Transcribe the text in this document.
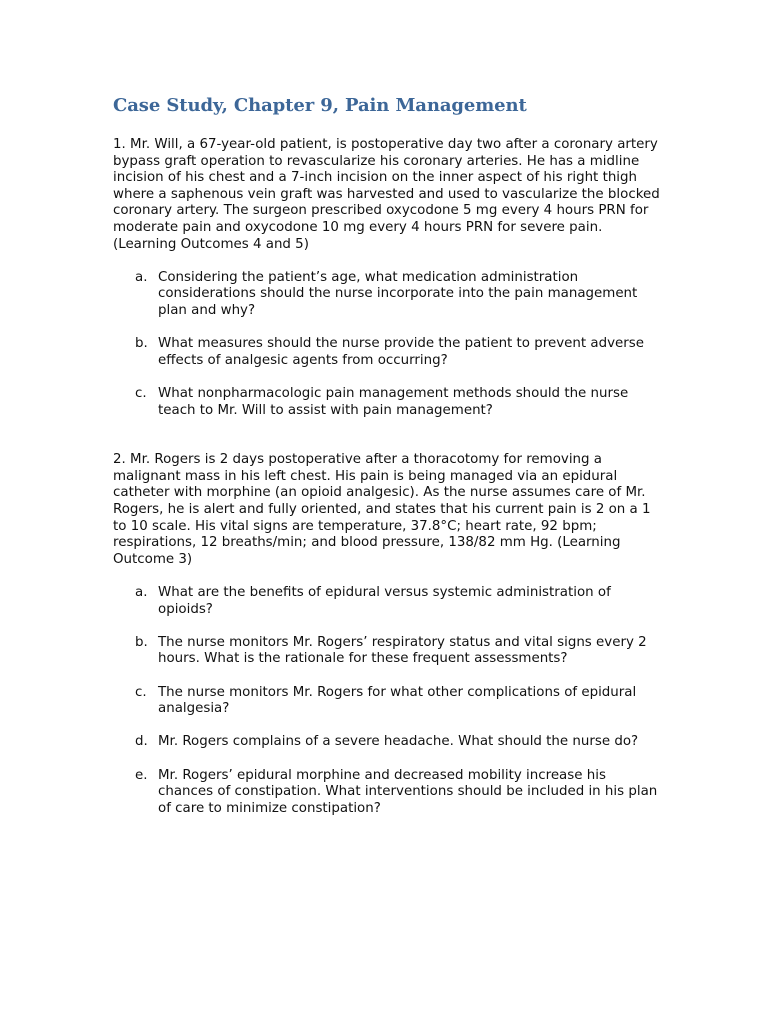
Case Study, Chapter 9, Pain Management

1. Mr. Will, a 67-year-old patient, is postoperative day two after a coronary artery bypass graft operation to revascularize his coronary arteries. He has a midline incision of his chest and a 7-inch incision on the inner aspect of his right thigh where a saphenous vein graft was harvested and used to vascularize the blocked coronary artery. The surgeon prescribed oxycodone 5 mg every 4 hours PRN for moderate pain and oxycodone 10 mg every 4 hours PRN for severe pain. (Learning Outcomes 4 and 5)

a. Considering the patient’s age, what medication administration considerations should the nurse incorporate into the pain management plan and why?
b. What measures should the nurse provide the patient to prevent adverse effects of analgesic agents from occurring?
c. What nonpharmacologic pain management methods should the nurse teach to Mr. Will to assist with pain management?

2. Mr. Rogers is 2 days postoperative after a thoracotomy for removing a malignant mass in his left chest. His pain is being managed via an epidural catheter with morphine (an opioid analgesic). As the nurse assumes care of Mr. Rogers, he is alert and fully oriented, and states that his current pain is 2 on a 1 to 10 scale. His vital signs are temperature, 37.8°C; heart rate, 92 bpm; respirations, 12 breaths/min; and blood pressure, 138/82 mm Hg. (Learning Outcome 3)

a. What are the benefits of epidural versus systemic administration of opioids?
b. The nurse monitors Mr. Rogers’ respiratory status and vital signs every 2 hours. What is the rationale for these frequent assessments?
c. The nurse monitors Mr. Rogers for what other complications of epidural analgesia?
d. Mr. Rogers complains of a severe headache. What should the nurse do?
e. Mr. Rogers’ epidural morphine and decreased mobility increase his chances of constipation. What interventions should be included in his plan of care to minimize constipation?
